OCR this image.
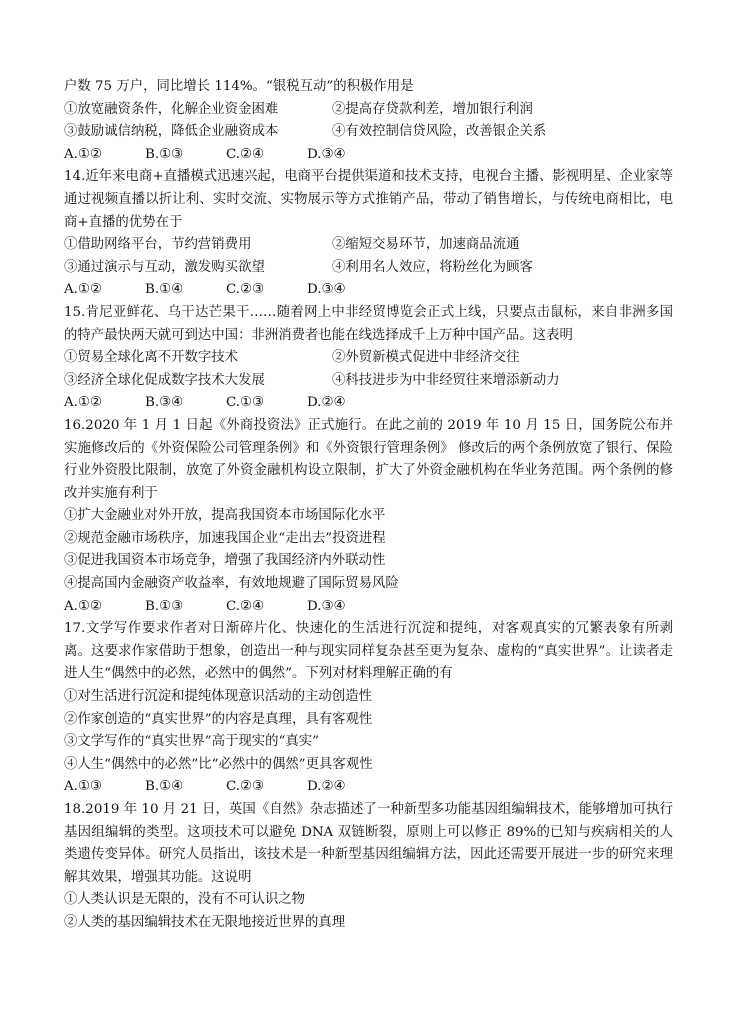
户数 75 万户，同比增长 114%。“银税互动”的积极作用是
①放宽融资条件，化解企业资金困难	②提高存贷款利差，增加银行利润
③鼓励诚信纳税，降低企业融资成本	④有效控制信贷风险，改善银企关系
A.①②	B.①③	C.②④	D.③④
14.近年来电商+直播模式迅速兴起，电商平台提供渠道和技术支持，电视台主播、影视明星、企业家等通过视频直播以折让利、实时交流、实物展示等方式推销产品，带动了销售增长，与传统电商相比，电商+直播的优势在于
①借助网络平台，节约营销费用	②缩短交易环节，加速商品流通
③通过演示与互动，激发购买欲望	④利用名人效应，将粉丝化为顾客
A.①②	B.①④	C.②③	D.③④
15.肯尼亚鲜花、乌干达芒果干……随着网上中非经贸博览会正式上线，只要点击鼠标，来自非洲多国的特产最快两天就可到达中国：非洲消费者也能在线选择成千上万种中国产品。这表明
①贸易全球化离不开数字技术	②外贸新模式促进中非经济交往
③经济全球化促成数字技术大发展	④科技进步为中非经贸往来增添新动力
A.①②	B.③④	C.①③	D.②④
16.2020 年 1 月 1 日起《外商投资法》正式施行。在此之前的 2019 年 10 月 15 日，国务院公布并实施修改后的《外资保险公司管理条例》和《外资银行管理条例》 修改后的两个条例放宽了银行、保险行业外资股比限制，放宽了外资金融机构设立限制，扩大了外资金融机构在华业务范围。两个条例的修改并实施有利于
①扩大金融业对外开放，提高我国资本市场国际化水平
②规范金融市场秩序，加速我国企业“走出去”投资进程
③促进我国资本市场竞争，增强了我国经济内外联动性
④提高国内金融资产收益率，有效地规避了国际贸易风险
A.①②	B.①③	C.②④	D.③④
17.文学写作要求作者对日渐碎片化、快速化的生活进行沉淀和提纯，对客观真实的冗繁表象有所剥离。这要求作家借助于想象，创造出一种与现实同样复杂甚至更为复杂、虚构的“真实世界”。让读者走进人生“偶然中的必然，必然中的偶然”。下列对材料理解正确的有
①对生活进行沉淀和提纯体现意识活动的主动创造性
②作家创造的“真实世界”的内容是真理，具有客观性
③文学写作的“真实世界”高于现实的“真实”
④人生“偶然中的必然”比“必然中的偶然”更具客观性
A.①③	B.①④	C.②③	D.②④
18.2019 年 10 月 21 日，英国《自然》杂志描述了一种新型多功能基因组编辑技术，能够增加可执行基因组编辑的类型。这项技术可以避免 DNA 双链断裂，原则上可以修正 89%的已知与疾病相关的人类遗传变异体。研究人员指出，该技术是一种新型基因组编辑方法，因此还需要开展进一步的研究来理解其效果，增强其功能。这说明
①人类认识是无限的，没有不可认识之物
②人类的基因编辑技术在无限地接近世界的真理
